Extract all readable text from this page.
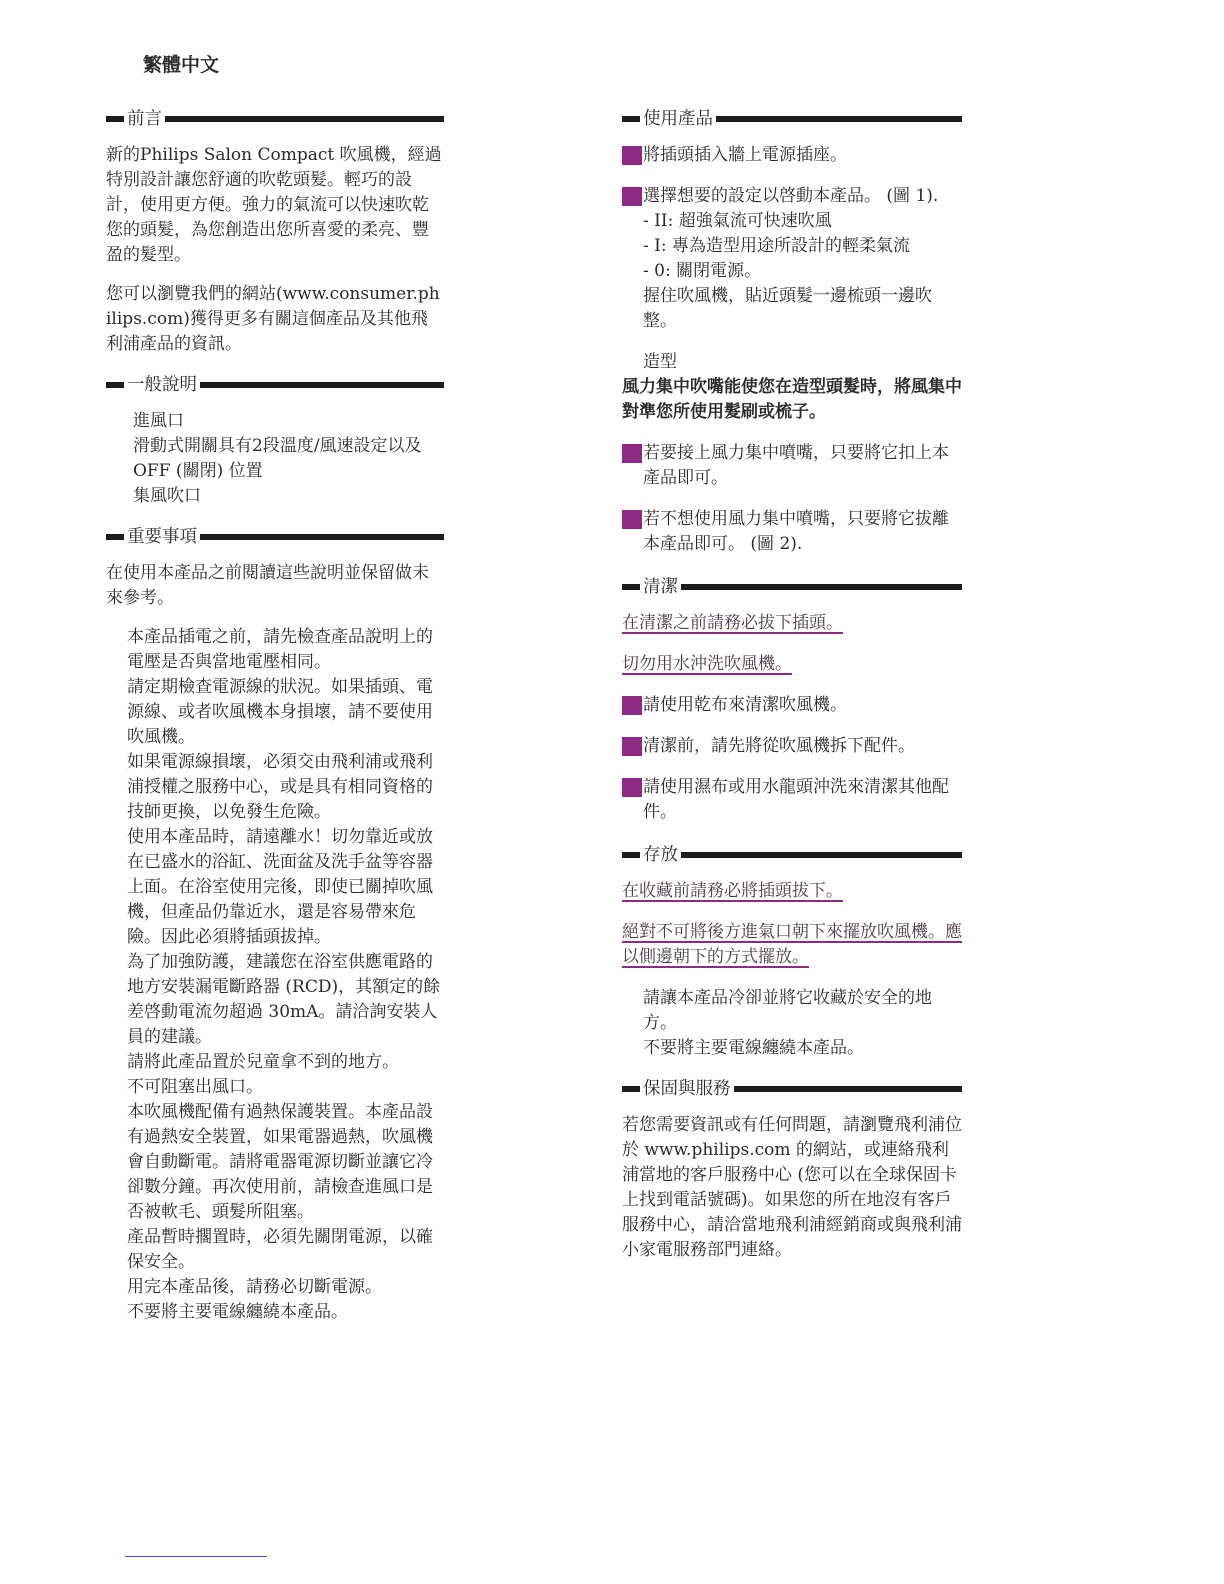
繁體中文
前言

新的Philips Salon Compact 吹風機，經過特別設計讓您舒適的吹乾頭髮。輕巧的設計，使用更方便。強力的氣流可以快速吹乾您的頭髮，為您創造出您所喜愛的柔亮、豐盈的髮型。

您可以瀏覽我們的網站(www.consumer.philips.com)獲得更多有關這個產品及其他飛利浦產品的資訊。

一般說明

進風口

滑動式開關具有2段溫度/風速設定以及OFF (關閉) 位置

集風吹口

重要事項

在使用本產品之前閱讀這些說明並保留做未來參考。

本產品插電之前，請先檢查產品說明上的電壓是否與當地電壓相同。

請定期檢查電源線的狀況。如果插頭、電源線、或者吹風機本身損壞，請不要使用吹風機。

如果電源線損壞，必須交由飛利浦或飛利浦授權之服務中心，或是具有相同資格的技師更換，以免發生危險。

使用本產品時，請遠離水！切勿靠近或放在已盛水的浴缸、洗面盆及洗手盆等容器上面。在浴室使用完後，即使已關掉吹風機，但產品仍靠近水，還是容易帶來危險。因此必須將插頭拔掉。

為了加強防護，建議您在浴室供應電路的地方安裝漏電斷路器 (RCD)，其額定的餘差啓動電流勿超過 30mA。請洽詢安裝人員的建議。

請將此產品置於兒童拿不到的地方。

不可阻塞出風口。

本吹風機配備有過熱保護裝置。本產品設有過熱安全裝置，如果電器過熱，吹風機會自動斷電。請將電器電源切斷並讓它冷卻數分鐘。再次使用前，請檢查進風口是否被軟毛、頭髮所阻塞。

產品暫時擱置時，必須先關閉電源，以確保安全。

用完本產品後，請務必切斷電源。

不要將主要電線纏繞本產品。

使用產品
將插頭插入牆上電源插座。
選擇想要的設定以啓動本產品。 (圖 1).

- II: 超強氣流可快速吹風

- I: 專為造型用途所設計的輕柔氣流

- 0: 關閉電源。

握住吹風機，貼近頭髮一邊梳頭一邊吹整。

造型

風力集中吹嘴能使您在造型頭髮時，將風集中對準您所使用髮刷或梳子。

若要接上風力集中噴嘴，只要將它扣上本產品即可。
若不想使用風力集中噴嘴，只要將它拔離本產品即可。 (圖 2).
清潔

在清潔之前請務必拔下插頭。

切勿用水沖洗吹風機。

請使用乾布來清潔吹風機。
清潔前，請先將從吹風機拆下配件。
請使用濕布或用水龍頭沖洗來清潔其他配件。
存放

在收藏前請務必將插頭拔下。

絕對不可將後方進氣口朝下來擺放吹風機。應以側邊朝下的方式擺放。

請讓本產品冷卻並將它收藏於安全的地方。

不要將主要電線纏繞本產品。

保固與服務

若您需要資訊或有任何問題，請瀏覽飛利浦位於 www.philips.com 的網站，或連絡飛利浦當地的客戶服務中心 (您可以在全球保固卡上找到電話號碼)。如果您的所在地沒有客戶服務中心，請洽當地飛利浦經銷商或與飛利浦小家電服務部門連絡。
